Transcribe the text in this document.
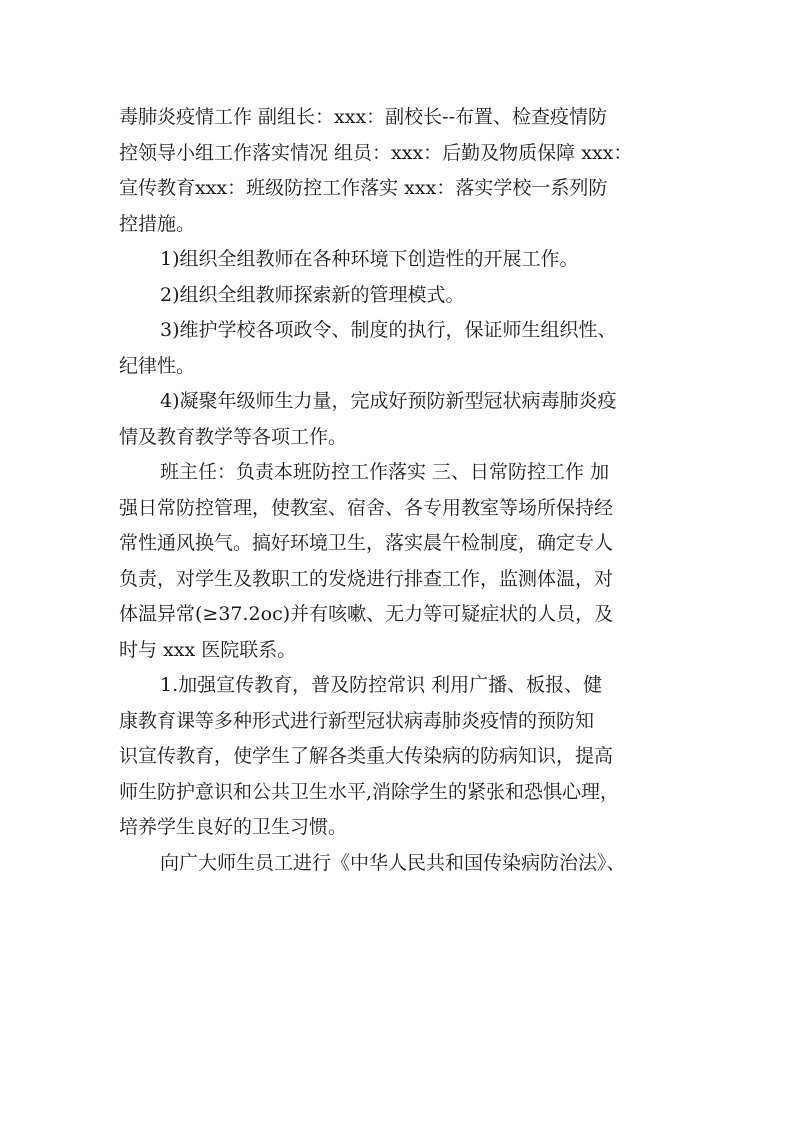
毒肺炎疫情工作 副组长：xxx：副校长--布置、检查疫情防
控领导小组工作落实情况 组员：xxx：后勤及物质保障 xxx：
宣传教育xxx：班级防控工作落实 xxx：落实学校一系列防
控措施。
1)组织全组教师在各种环境下创造性的开展工作。
2)组织全组教师探索新的管理模式。
3)维护学校各项政令、制度的执行，保证师生组织性、
纪律性。
4)凝聚年级师生力量，完成好预防新型冠状病毒肺炎疫
情及教育教学等各项工作。
班主任：负责本班防控工作落实 三、日常防控工作 加
强日常防控管理，使教室、宿舍、各专用教室等场所保持经
常性通风换气。搞好环境卫生，落实晨午检制度，确定专人
负责，对学生及教职工的发烧进行排查工作，监测体温，对
体温异常(≥37.2oc)并有咳嗽、无力等可疑症状的人员，及
时与 xxx 医院联系。
1.加强宣传教育，普及防控常识 利用广播、板报、健
康教育课等多种形式进行新型冠状病毒肺炎疫情的预防知
识宣传教育，使学生了解各类重大传染病的防病知识，提高
师生防护意识和公共卫生水平,消除学生的紧张和恐惧心理，
培养学生良好的卫生习惯。
向广大师生员工进行《中华人民共和国传染病防治法》、
